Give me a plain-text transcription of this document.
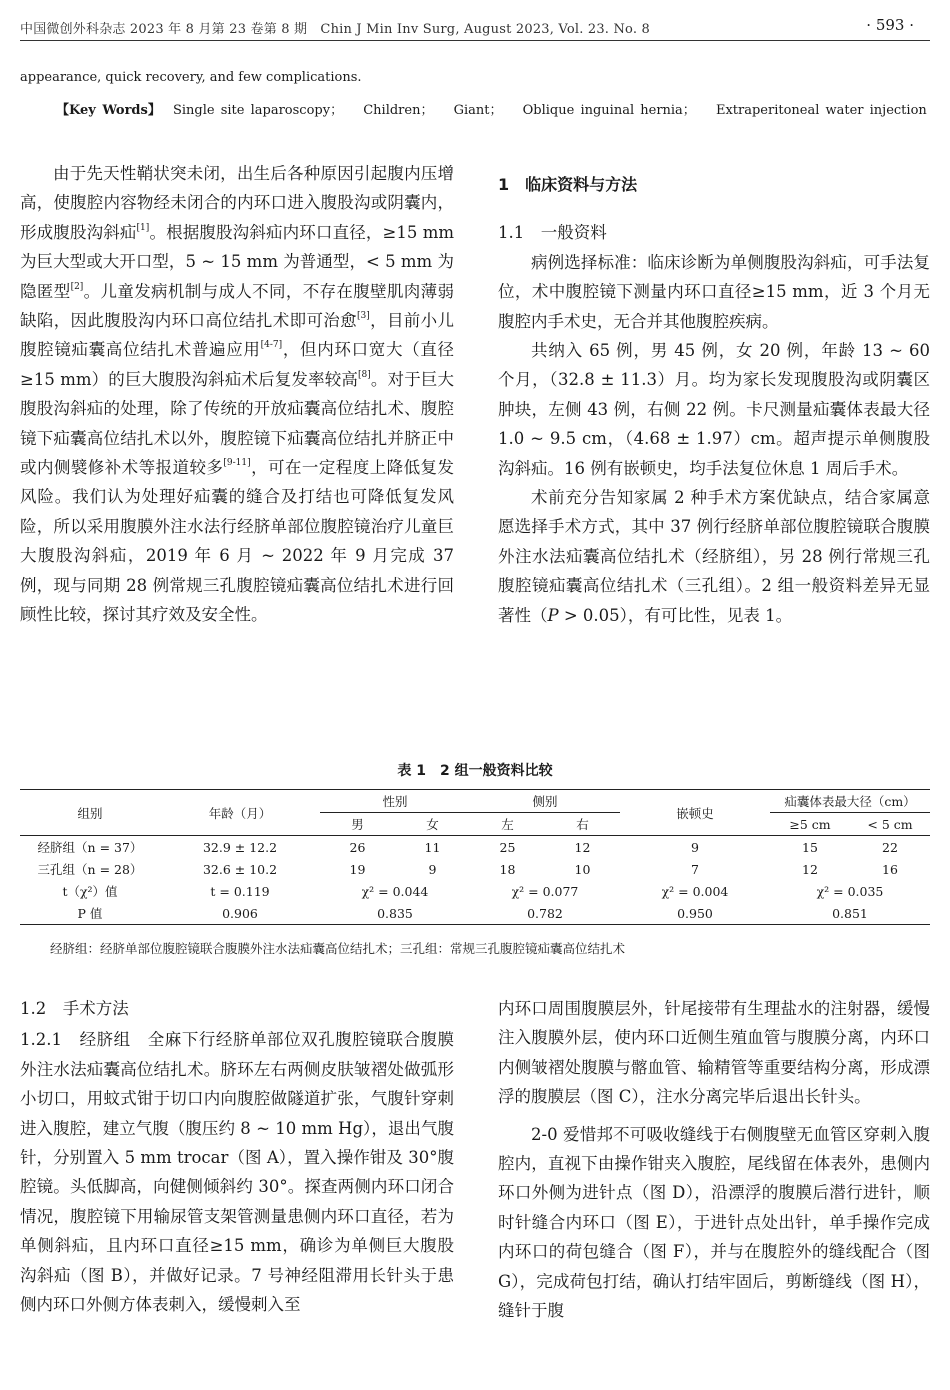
中国微创外科杂志 2023 年 8 月第 23 卷第 8 期　Chin J Min Inv Surg, August 2023, Vol. 23. No. 8	· 593 ·
appearance, quick recovery, and few complications.
【Key Words】 Single site laparoscopy； Children； Giant； Oblique inguinal hernia； Extraperitoneal water injection

由于先天性鞘状突未闭，出生后各种原因引起腹内压增高，使腹腔内容物经未闭合的内环口进入腹股沟或阴囊内，形成腹股沟斜疝[1]。根据腹股沟斜疝内环口直径，≥15 mm 为巨大型或大开口型，5 ~ 15 mm 为普通型，< 5 mm 为隐匿型[2]。儿童发病机制与成人不同，不存在腹壁肌肉薄弱缺陷，因此腹股沟内环口高位结扎术即可治愈[3]，目前小儿腹腔镜疝囊高位结扎术普遍应用[4-7]，但内环口宽大（直径≥15 mm）的巨大腹股沟斜疝术后复发率较高[8]。对于巨大腹股沟斜疝的处理，除了传统的开放疝囊高位结扎术、腹腔镜下疝囊高位结扎术以外，腹腔镜下疝囊高位结扎并脐正中或内侧襞修补术等报道较多[9-11]，可在一定程度上降低复发风险。我们认为处理好疝囊的缝合及打结也可降低复发风险，所以采用腹膜外注水法行经脐单部位腹腔镜治疗儿童巨大腹股沟斜疝，2019 年 6 月 ~ 2022 年 9 月完成 37 例，现与同期 28 例常规三孔腹腔镜疝囊高位结扎术进行回顾性比较，探讨其疗效及安全性。

1　临床资料与方法

1.1　一般资料

病例选择标准：临床诊断为单侧腹股沟斜疝，可手法复位，术中腹腔镜下测量内环口直径≥15 mm，近 3 个月无腹腔内手术史，无合并其他腹腔疾病。

共纳入 65 例，男 45 例，女 20 例，年龄 13 ~ 60 个月，（32.8 ± 11.3）月。均为家长发现腹股沟或阴囊区肿块，左侧 43 例，右侧 22 例。卡尺测量疝囊体表最大径 1.0 ~ 9.5 cm，（4.68 ± 1.97）cm。超声提示单侧腹股沟斜疝。16 例有嵌顿史，均手法复位休息 1 周后手术。

术前充分告知家属 2 种手术方案优缺点，结合家属意愿选择手术方式，其中 37 例行经脐单部位腹腔镜联合腹膜外注水法疝囊高位结扎术（经脐组），另 28 例行常规三孔腹腔镜疝囊高位结扎术（三孔组）。2 组一般资料差异无显著性（P > 0.05），有可比性，见表 1。

表 1　2 组一般资料比较
组别	年龄（月）	性别		侧别		嵌顿史	疝囊体表最大径（cm）	
		男	女	左	右		≥5 cm	< 5 cm
经脐组（n = 37）	32.9 ± 12.2	26	11	25	12	9	15	22
三孔组（n = 28）	32.6 ± 10.2	19	9	18	10	7	12	16
t（χ²）值	t = 0.119	χ² = 0.044		χ² = 0.077		χ² = 0.004	χ² = 0.035	
P 值	0.906	0.835		0.782		0.950	0.851	
经脐组：经脐单部位腹腔镜联合腹膜外注水法疝囊高位结扎术；三孔组：常规三孔腹腔镜疝囊高位结扎术

1.2　手术方法

1.2.1　经脐组　全麻下行经脐单部位双孔腹腔镜联合腹膜外注水法疝囊高位结扎术。脐环左右两侧皮肤皱褶处做弧形小切口，用蚊式钳于切口内向腹腔做隧道扩张，气腹针穿刺进入腹腔，建立气腹（腹压约 8 ~ 10 mm Hg），退出气腹针，分别置入 5 mm trocar（图 A），置入操作钳及 30°腹腔镜。头低脚高，向健侧倾斜约 30°。探查两侧内环口闭合情况，腹腔镜下用输尿管支架管测量患侧内环口直径，若为单侧斜疝，且内环口直径≥15 mm，确诊为单侧巨大腹股沟斜疝（图 B），并做好记录。7 号神经阻滞用长针头于患侧内环口外侧方体表刺入，缓慢刺入至

内环口周围腹膜层外，针尾接带有生理盐水的注射器，缓慢注入腹膜外层，使内环口近侧生殖血管与腹膜分离，内环口内侧皱褶处腹膜与髂血管、输精管等重要结构分离，形成漂浮的腹膜层（图 C），注水分离完毕后退出长针头。

2-0 爱惜邦不可吸收缝线于右侧腹壁无血管区穿刺入腹腔内，直视下由操作钳夹入腹腔，尾线留在体表外，患侧内环口外侧为进针点（图 D），沿漂浮的腹膜后潜行进针，顺时针缝合内环口（图 E），于进针点处出针，单手操作完成内环口的荷包缝合（图 F），并与在腹腔外的缝线配合（图 G），完成荷包打结，确认打结牢固后，剪断缝线（图 H），缝针于腹
